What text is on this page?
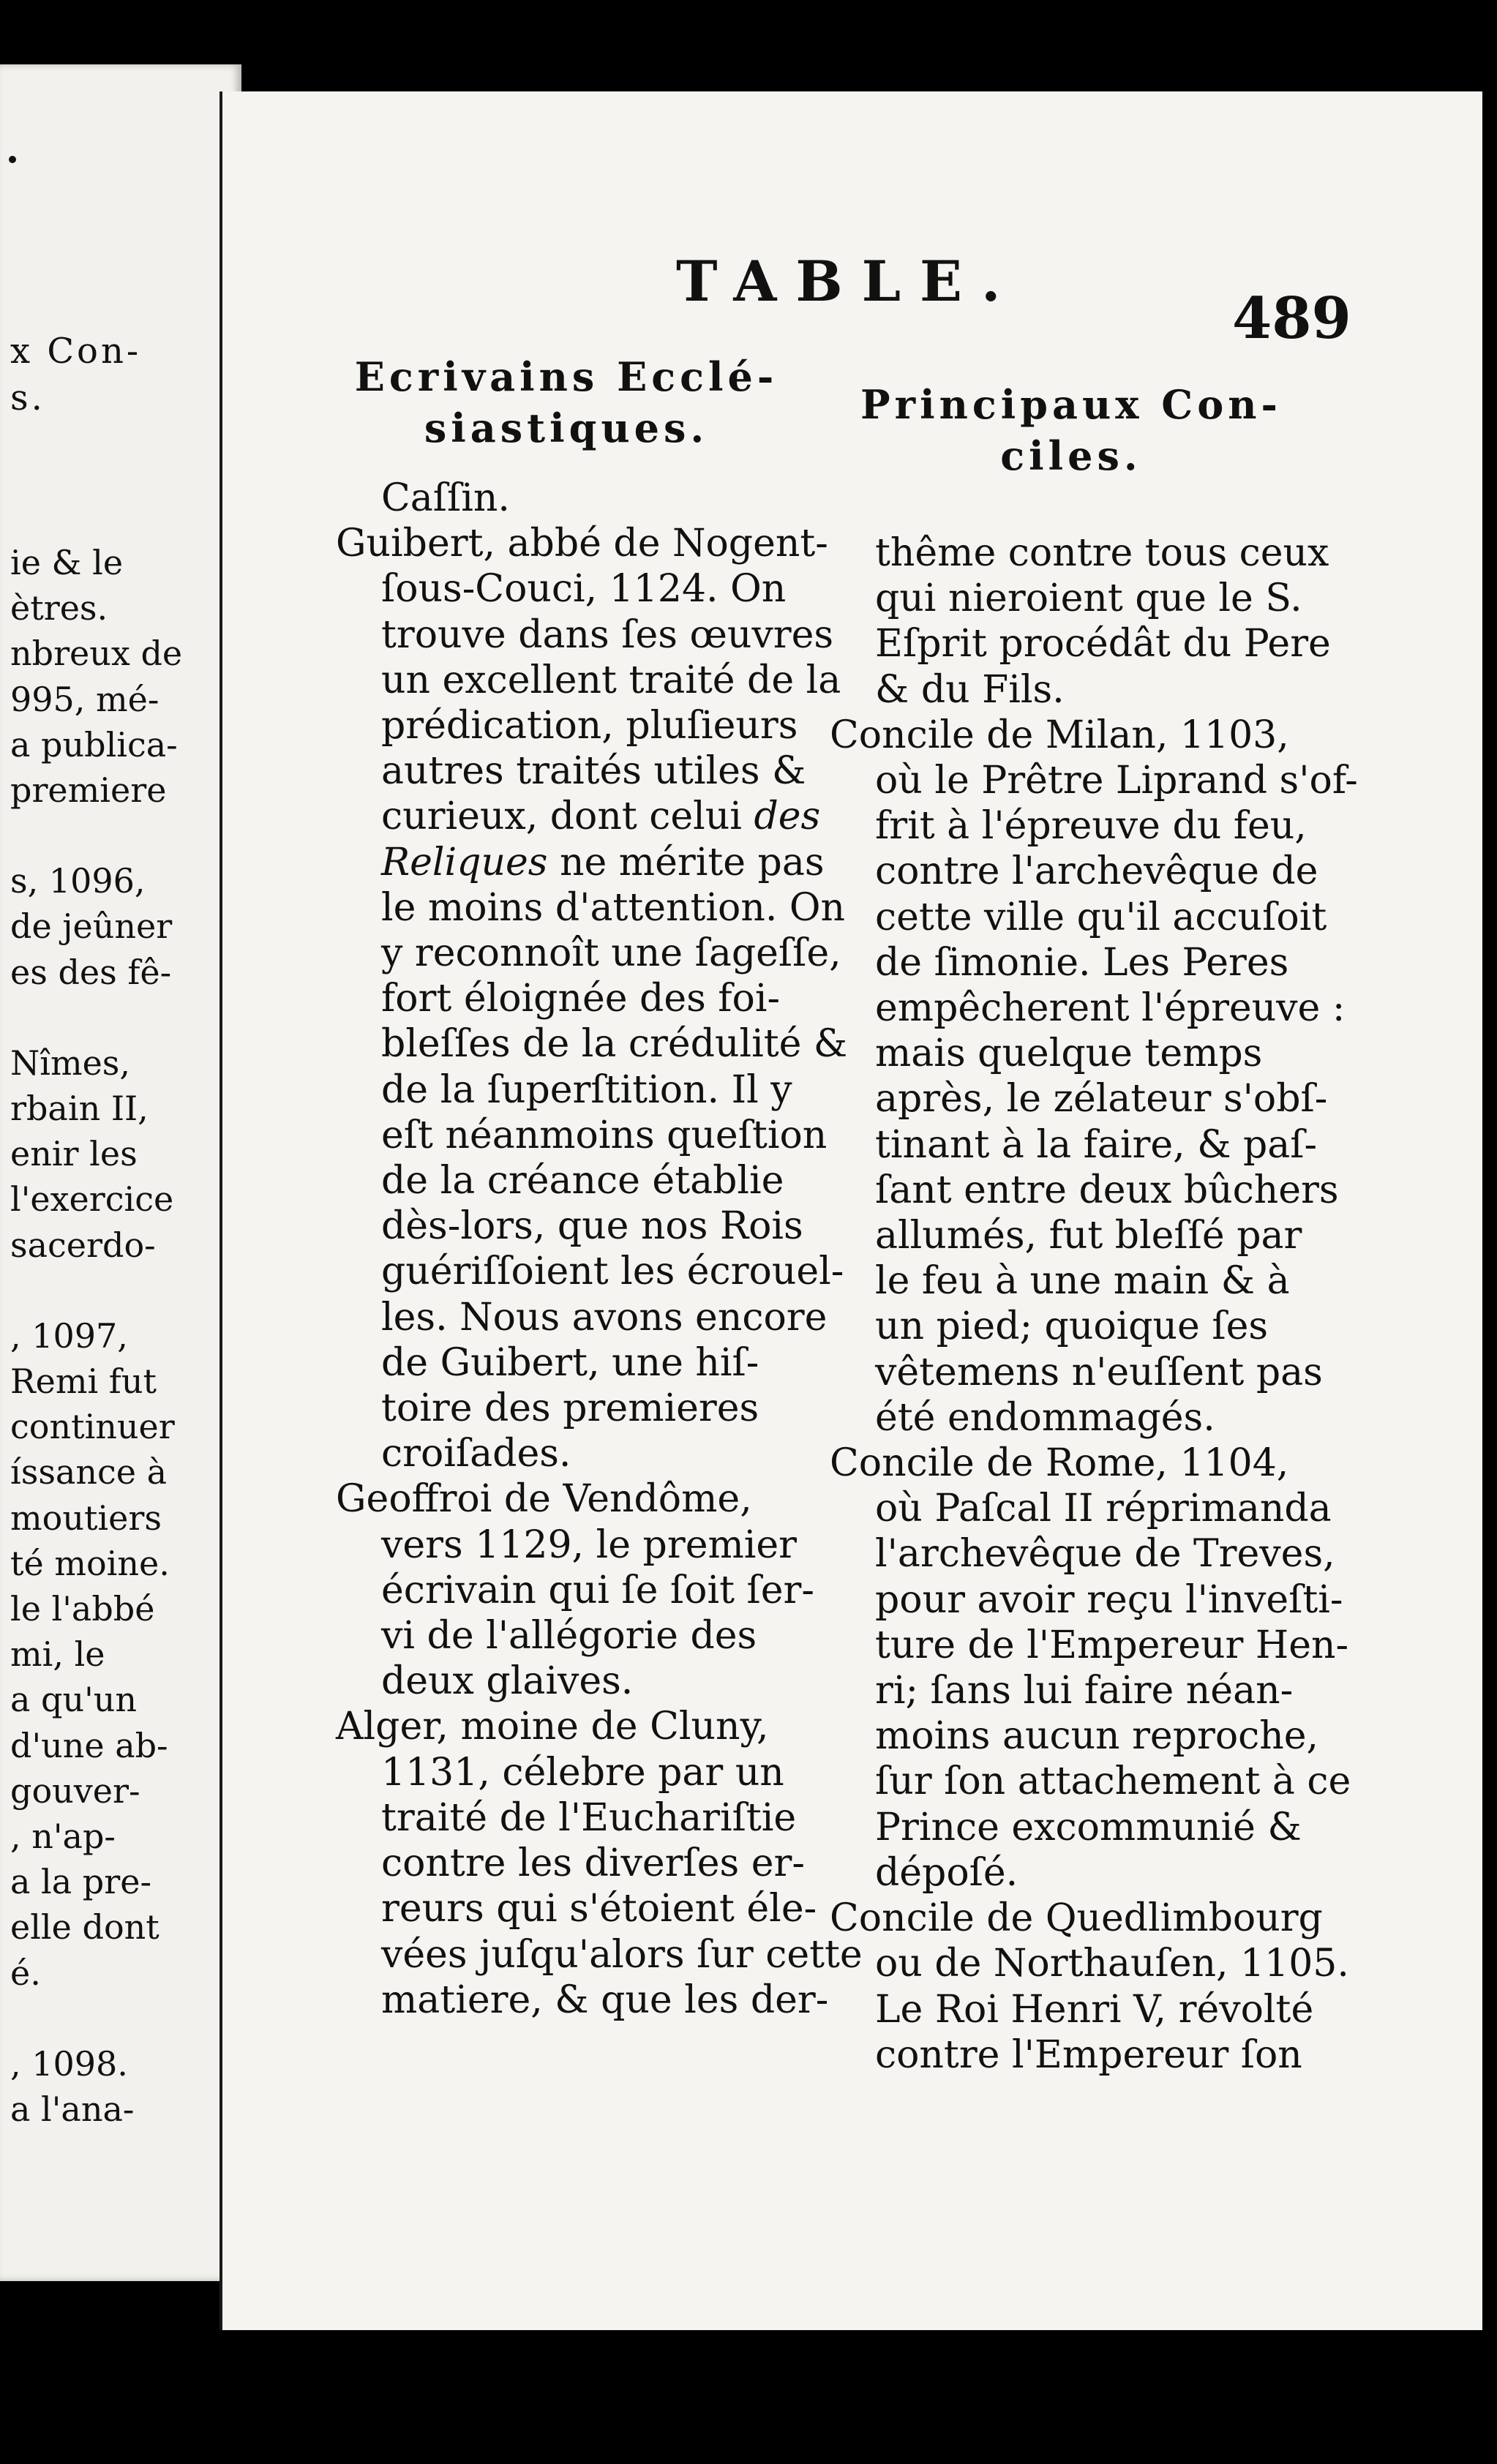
x Con-
s.
ie & le
ètres.
nbreux de
995, mé-
a publica-
premiere
s, 1096,
de jeûner
es des fê-
Nîmes,
rbain II,
enir les
l'exercice
sacerdo-
, 1097,
Remi fut
continuer
íssance à
moutiers
té moine.
le l'abbé
mi, le
a qu'un
d'une ab-
gouver-
, n'ap-
a la pre-
elle dont
é.
, 1098.
a l'ana-
TABLE.
489
Ecrivains Ecclé-
siastiques.	Principaux Con-
ciles.
Caſſin.
Guibert, abbé de Nogent-
ſous-Couci, 1124. On
trouve dans ſes œuvres
un excellent traité de la
prédication, pluſieurs
autres traités utiles &
curieux, dont celui des
Reliques ne mérite pas
le moins d'attention. On
y reconnoît une ſageſſe,
fort éloignée des foi-
bleſſes de la crédulité &
de la ſuperſtition. Il y
eſt néanmoins queſtion
de la créance établie
dès-lors, que nos Rois
guériſſoient les écrouel-
les. Nous avons encore
de Guibert, une hiſ-
toire des premieres
croiſades.
Geoffroi de Vendôme,
vers 1129, le premier
écrivain qui ſe ſoit ſer-
vi de l'allégorie des
deux glaives.
Alger, moine de Cluny,
1131, célebre par un
traité de l'Euchariſtie
contre les diverſes er-
reurs qui s'étoient éle-
vées juſqu'alors ſur cette
matiere, & que les der-
thême contre tous ceux
qui nieroient que le S.
Eſprit procédât du Pere
& du Fils.
Concile de Milan, 1103,
où le Prêtre Liprand s'of-
frit à l'épreuve du feu,
contre l'archevêque de
cette ville qu'il accuſoit
de ſimonie. Les Peres
empêcherent l'épreuve :
mais quelque temps
après, le zélateur s'obſ-
tinant à la faire, & paſ-
ſant entre deux bûchers
allumés, fut bleſſé par
le feu à une main & à
un pied; quoique ſes
vêtemens n'euſſent pas
été endommagés.
Concile de Rome, 1104,
où Paſcal II réprimanda
l'archevêque de Treves,
pour avoir reçu l'inveſti-
ture de l'Empereur Hen-
ri; ſans lui faire néan-
moins aucun reproche,
ſur ſon attachement à ce
Prince excommunié &
dépoſé.
Concile de Quedlimbourg
ou de Northauſen, 1105.
Le Roi Henri V, révolté
contre l'Empereur ſon
